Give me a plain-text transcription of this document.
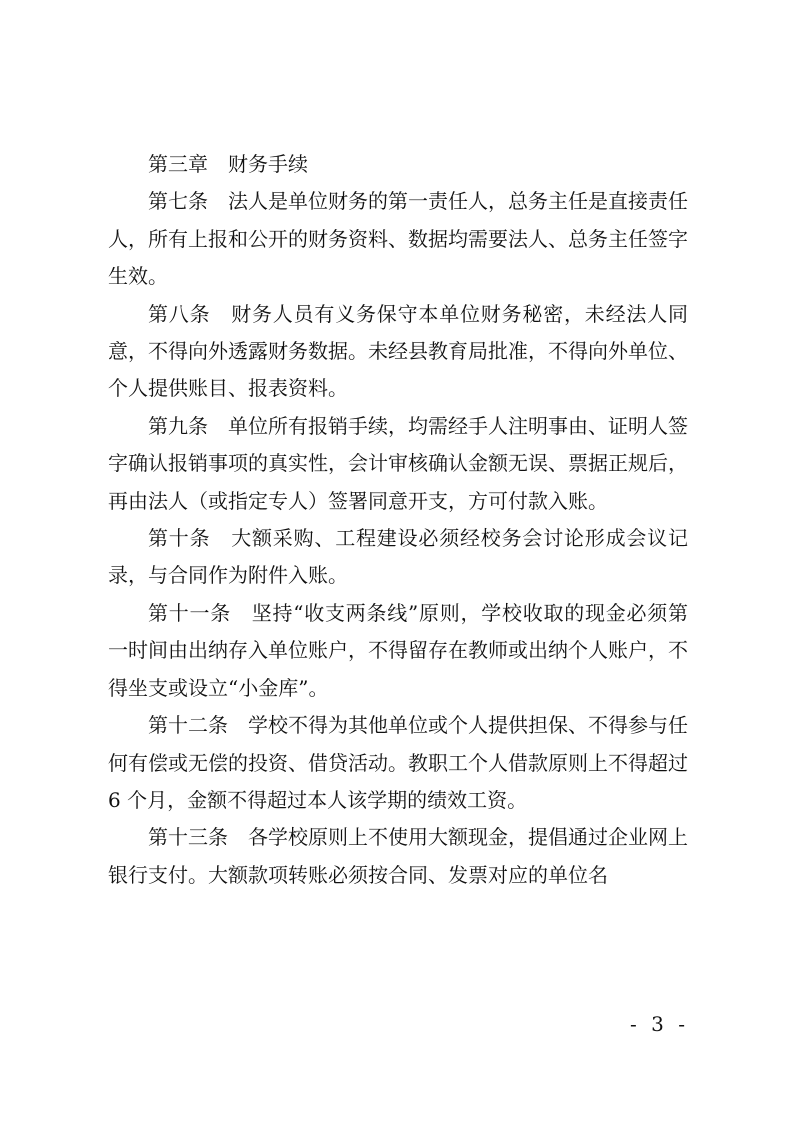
第三章 财务手续

第七条 法人是单位财务的第一责任人，总务主任是直接责任人，所有上报和公开的财务资料、数据均需要法人、总务主任签字生效。

第八条 财务人员有义务保守本单位财务秘密，未经法人同意，不得向外透露财务数据。未经县教育局批准，不得向外单位、个人提供账目、报表资料。

第九条 单位所有报销手续，均需经手人注明事由、证明人签字确认报销事项的真实性，会计审核确认金额无误、票据正规后，再由法人（或指定专人）签署同意开支，方可付款入账。

第十条 大额采购、工程建设必须经校务会讨论形成会议记录，与合同作为附件入账。

第十一条 坚持“收支两条线”原则，学校收取的现金必须第一时间由出纳存入单位账户，不得留存在教师或出纳个人账户，不得坐支或设立“小金库”。

第十二条 学校不得为其他单位或个人提供担保、不得参与任何有偿或无偿的投资、借贷活动。教职工个人借款原则上不得超过 6 个月，金额不得超过本人该学期的绩效工资。

第十三条 各学校原则上不使用大额现金，提倡通过企业网上银行支付。大额款项转账必须按合同、发票对应的单位名

- 3 -
